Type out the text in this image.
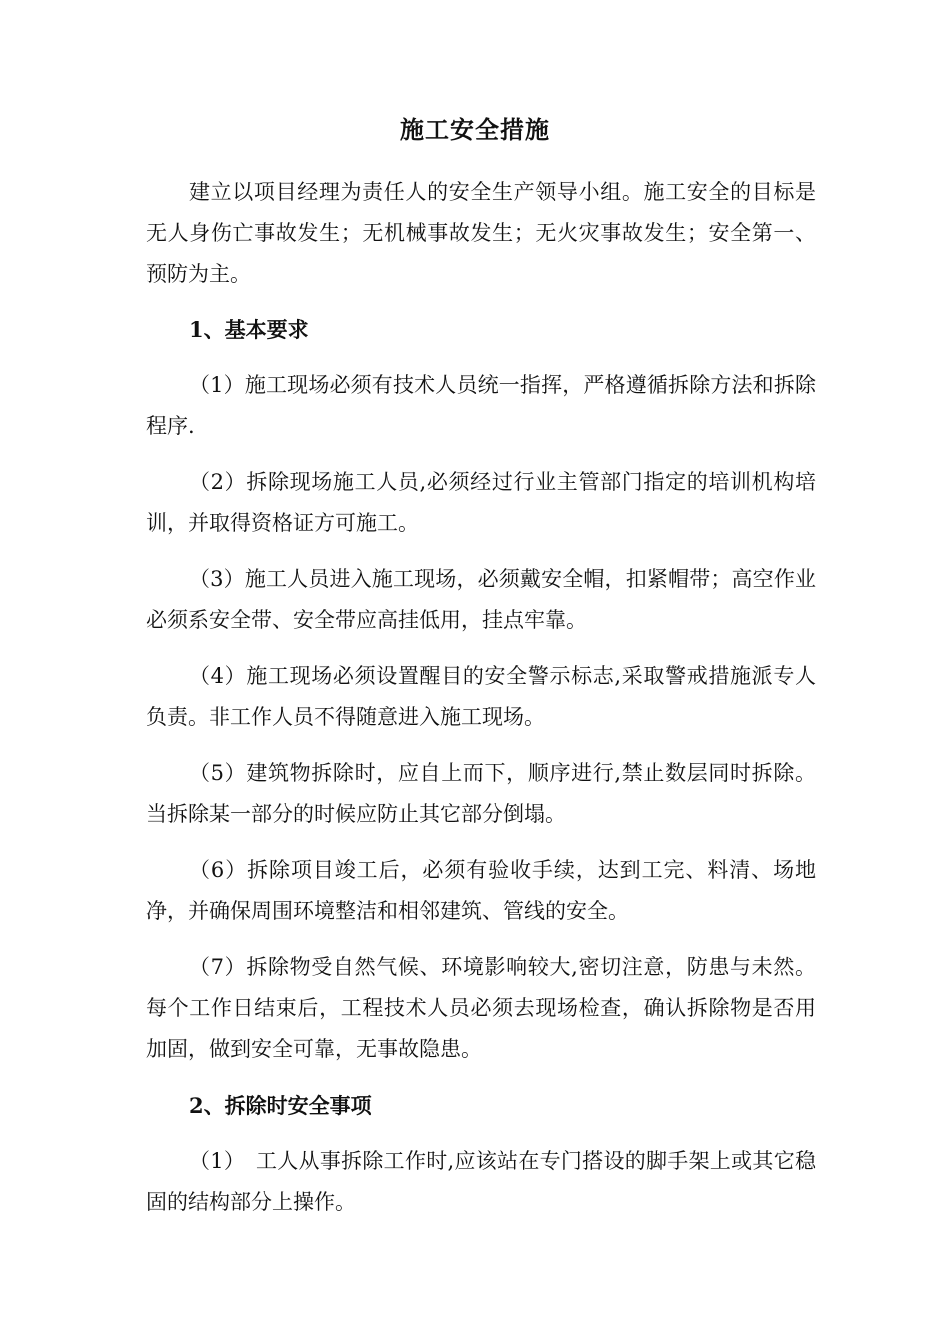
施工安全措施

建立以项目经理为责任人的安全生产领导小组。施工安全的目标是无人身伤亡事故发生；无机械事故发生；无火灾事故发生；安全第一、预防为主。

1、基本要求

（1）施工现场必须有技术人员统一指挥，严格遵循拆除方法和拆除程序.

（2）拆除现场施工人员,必须经过行业主管部门指定的培训机构培训，并取得资格证方可施工。

（3）施工人员进入施工现场，必须戴安全帽，扣紧帽带；高空作业必须系安全带、安全带应高挂低用，挂点牢靠。

（4）施工现场必须设置醒目的安全警示标志,采取警戒措施派专人负责。非工作人员不得随意进入施工现场。

（5）建筑物拆除时，应自上而下，顺序进行,禁止数层同时拆除。当拆除某一部分的时候应防止其它部分倒塌。

（6）拆除项目竣工后，必须有验收手续，达到工完、料清、场地净，并确保周围环境整洁和相邻建筑、管线的安全。

（7）拆除物受自然气候、环境影响较大,密切注意，防患与未然。每个工作日结束后，工程技术人员必须去现场检查，确认拆除物是否用加固，做到安全可靠，无事故隐患。

2、拆除时安全事项

（1）　工人从事拆除工作时,应该站在专门搭设的脚手架上或其它稳固的结构部分上操作。
